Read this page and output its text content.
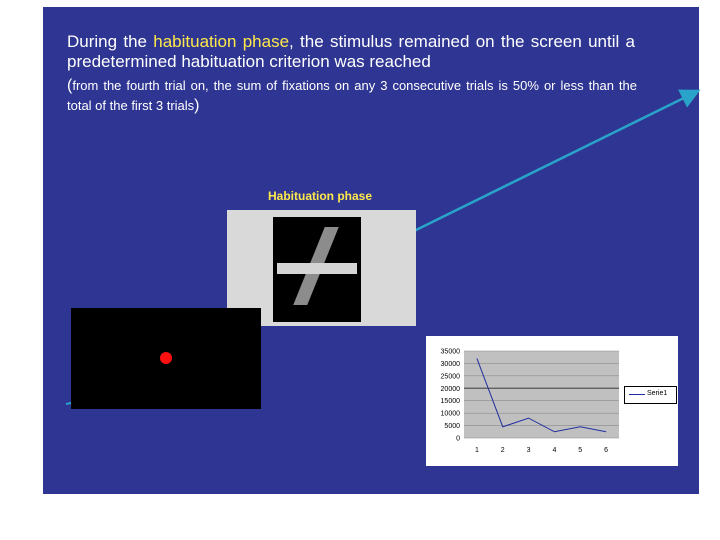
During the habituation phase, the stimulus remained on the screen until a predetermined habituation criterion was reached
(from the fourth trial on, the sum of fixations on any 3 consecutive trials is 50% or less than the total of the first 3 trials)
Habituation phase
35000
30000
25000
20000
15000
10000
5000
0
1	2	3	4	5	6
Serie1
